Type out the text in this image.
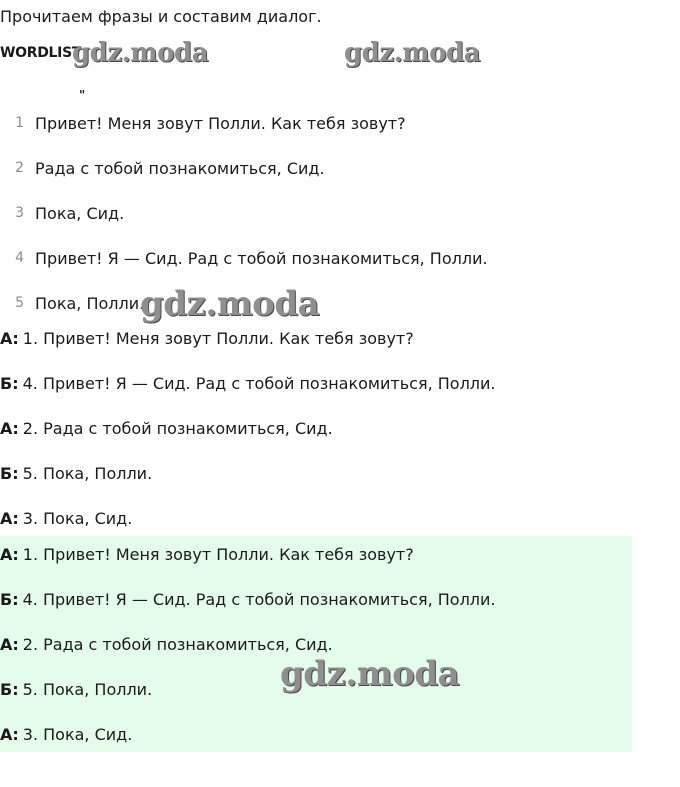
Прочитаем фразы и составим диалог.
WORDLIST
"
1 Привет! Меня зовут Полли. Как тебя зовут?
2 Рада с тобой познакомиться, Сид.
3 Пока, Сид.
4 Привет! Я — Сид. Рад с тобой познакомиться, Полли.
5 Пока, Полли.
А: 1. Привет! Меня зовут Полли. Как тебя зовут?
Б: 4. Привет! Я — Сид. Рад с тобой познакомиться, Полли.
А: 2. Рада с тобой познакомиться, Сид.
Б: 5. Пока, Полли.
А: 3. Пока, Сид.
А: 1. Привет! Меня зовут Полли. Как тебя зовут?
Б: 4. Привет! Я — Сид. Рад с тобой познакомиться, Полли.
А: 2. Рада с тобой познакомиться, Сид.
Б: 5. Пока, Полли.
А: 3. Пока, Сид.
gdz.moda	gdz.moda
gdz.moda
gdz.moda
